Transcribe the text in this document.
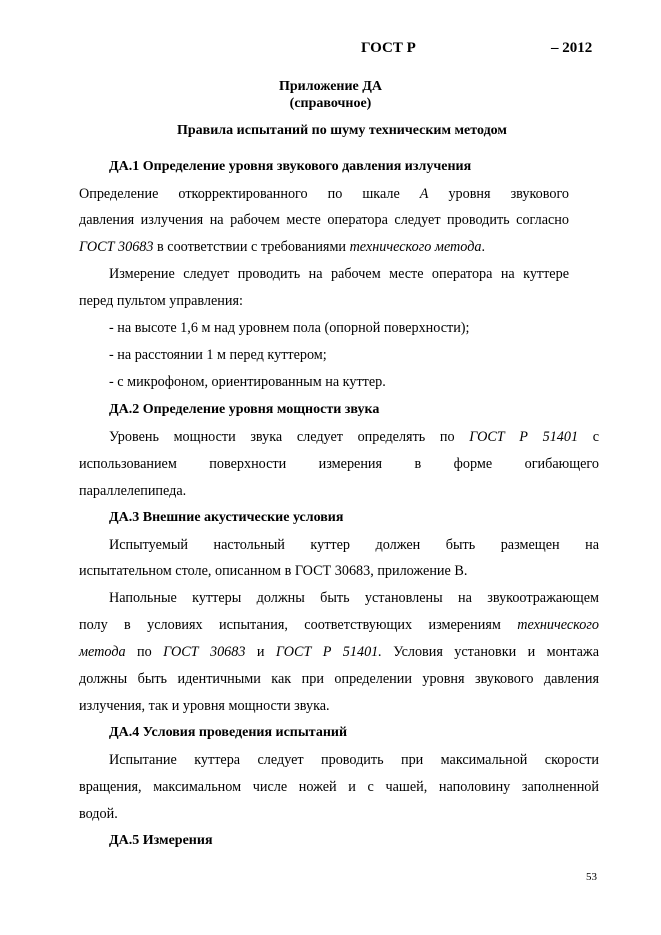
ГОСТ Р	– 2012
Приложение ДА
(справочное)
Правила испытаний по шуму техническим методом
ДА.1 Определение уровня звукового давления излучения
Определение откорректированного по шкале А уровня звукового
давления излучения на рабочем месте оператора следует проводить согласно
ГОСТ 30683 в соответствии с требованиями технического метода.
Измерение следует проводить на рабочем месте оператора на куттере
перед пультом управления:
- на высоте 1,6 м над уровнем пола (опорной поверхности);
- на расстоянии 1 м перед куттером;
- с микрофоном, ориентированным на куттер.
ДА.2 Определение уровня мощности звука
Уровень мощности звука следует определять по ГОСТ Р 51401 с
использованием поверхности измерения в форме огибающего
параллелепипеда.
ДА.3 Внешние акустические условия
Испытуемый настольный куттер должен быть размещен на
испытательном столе, описанном в ГОСТ 30683, приложение В.
Напольные куттеры должны быть установлены на звукоотражающем
полу в условиях испытания, соответствующих измерениям технического
метода по ГОСТ 30683 и ГОСТ Р 51401. Условия установки и монтажа
должны быть идентичными как при определении уровня звукового давления
излучения, так и уровня мощности звука.
ДА.4 Условия проведения испытаний
Испытание куттера следует проводить при максимальной скорости
вращения, максимальном числе ножей и с чашей, наполовину заполненной
водой.
ДА.5 Измерения
53
